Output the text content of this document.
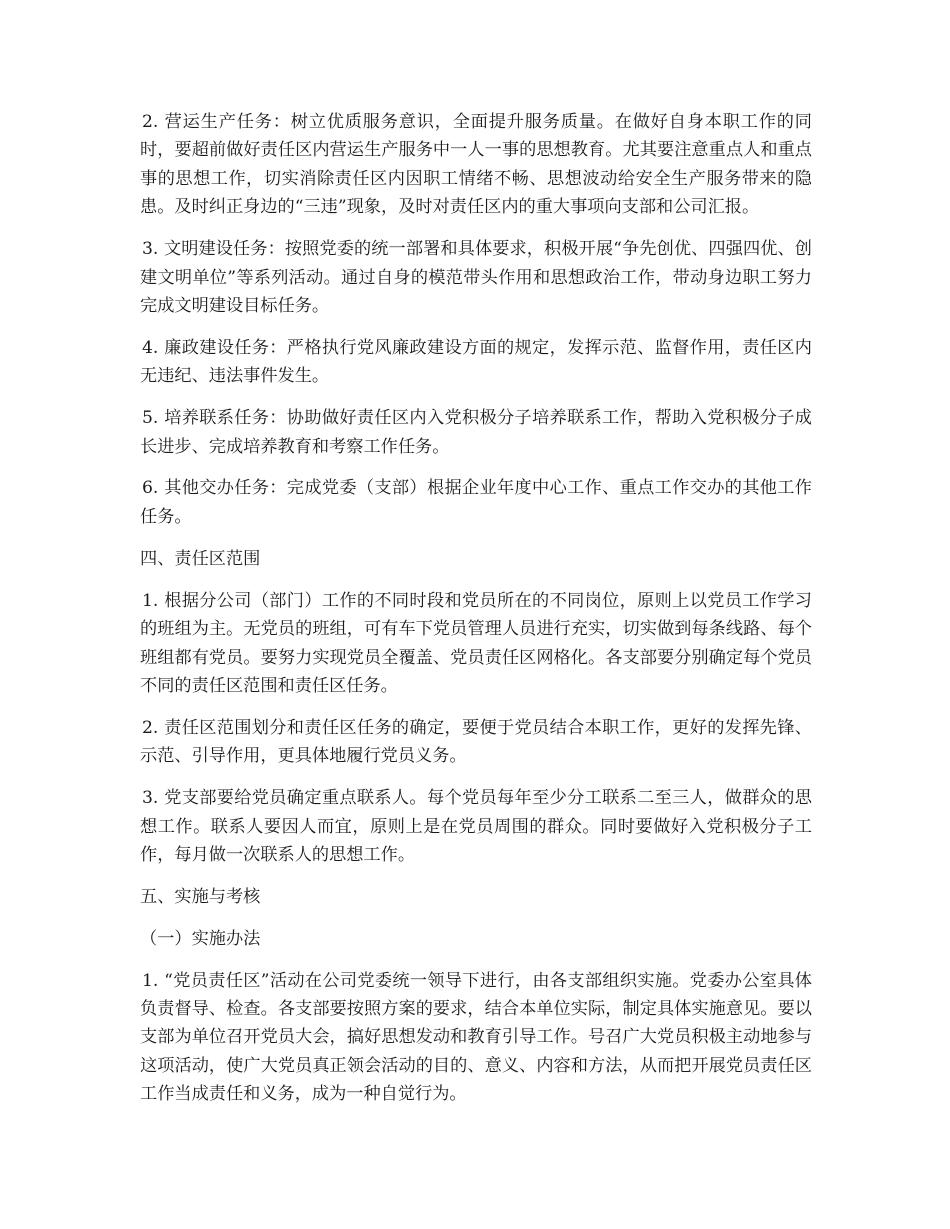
2. 营运生产任务：树立优质服务意识，全面提升服务质量。在做好自身本职工作的同时，要超前做好责任区内营运生产服务中一人一事的思想教育。尤其要注意重点人和重点事的思想工作，切实消除责任区内因职工情绪不畅、思想波动给安全生产服务带来的隐患。及时纠正身边的“三违”现象，及时对责任区内的重大事项向支部和公司汇报。

3. 文明建设任务：按照党委的统一部署和具体要求，积极开展“争先创优、四强四优、创建文明单位”等系列活动。通过自身的模范带头作用和思想政治工作，带动身边职工努力完成文明建设目标任务。

4. 廉政建设任务：严格执行党风廉政建设方面的规定，发挥示范、监督作用，责任区内无违纪、违法事件发生。

5. 培养联系任务：协助做好责任区内入党积极分子培养联系工作，帮助入党积极分子成长进步、完成培养教育和考察工作任务。

6. 其他交办任务：完成党委（支部）根据企业年度中心工作、重点工作交办的其他工作任务。

四、责任区范围

1. 根据分公司（部门）工作的不同时段和党员所在的不同岗位，原则上以党员工作学习的班组为主。无党员的班组，可有车下党员管理人员进行充实，切实做到每条线路、每个班组都有党员。要努力实现党员全覆盖、党员责任区网格化。各支部要分别确定每个党员不同的责任区范围和责任区任务。

2. 责任区范围划分和责任区任务的确定，要便于党员结合本职工作，更好的发挥先锋、示范、引导作用，更具体地履行党员义务。

3. 党支部要给党员确定重点联系人。每个党员每年至少分工联系二至三人，做群众的思想工作。联系人要因人而宜，原则上是在党员周围的群众。同时要做好入党积极分子工作，每月做一次联系人的思想工作。

五、实施与考核

（一）实施办法

1. “党员责任区”活动在公司党委统一领导下进行，由各支部组织实施。党委办公室具体负责督导、检查。各支部要按照方案的要求，结合本单位实际，制定具体实施意见。要以支部为单位召开党员大会，搞好思想发动和教育引导工作。号召广大党员积极主动地参与这项活动，使广大党员真正领会活动的目的、意义、内容和方法，从而把开展党员责任区工作当成责任和义务，成为一种自觉行为。
